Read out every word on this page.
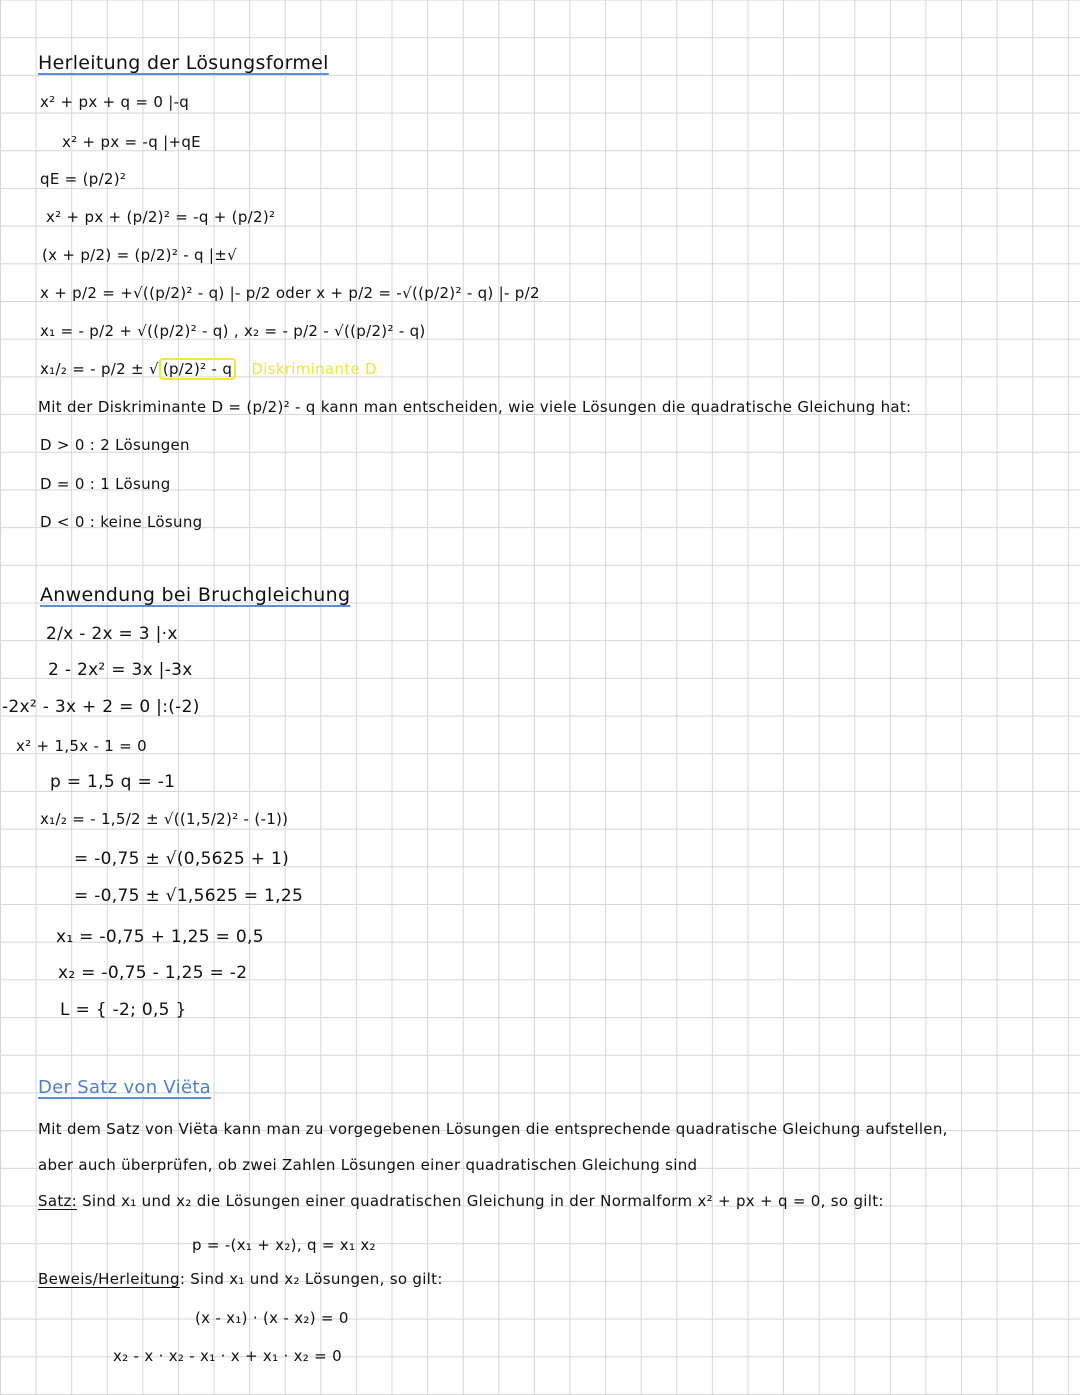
Herleitung der Lösungsformel
x² + px + q = 0 |-q
x² + px = -q |+qE
qE = (p/2)²
x² + px + (p/2)² = -q + (p/2)²
(x + p/2) = (p/2)² - q |±√
x + p/2 = +√((p/2)² - q) |- p/2 oder x + p/2 = -√((p/2)² - q) |- p/2
x₁ = - p/2 + √((p/2)² - q) , x₂ = - p/2 - √((p/2)² - q)
x₁/₂ = - p/2 ± √ (p/2)² - q Diskriminante D
Mit der Diskriminante D = (p/2)² - q kann man entscheiden, wie viele Lösungen die quadratische Gleichung hat:
D > 0 : 2 Lösungen
D = 0 : 1 Lösung
D < 0 : keine Lösung
Anwendung bei Bruchgleichung
2/x - 2x = 3 |·x
2 - 2x² = 3x |-3x
-2x² - 3x + 2 = 0 |:(-2)
x² + 1,5x - 1 = 0
p = 1,5 q = -1
x₁/₂ = - 1,5/2 ± √((1,5/2)² - (-1))
= -0,75 ± √(0,5625 + 1)
= -0,75 ± √1,5625 = 1,25
x₁ = -0,75 + 1,25 = 0,5
x₂ = -0,75 - 1,25 = -2
L = { -2; 0,5 }
Der Satz von Viëta
Mit dem Satz von Viëta kann man zu vorgegebenen Lösungen die entsprechende quadratische Gleichung aufstellen,
aber auch überprüfen, ob zwei Zahlen Lösungen einer quadratischen Gleichung sind
Satz: Sind x₁ und x₂ die Lösungen einer quadratischen Gleichung in der Normalform x² + px + q = 0, so gilt:
p = -(x₁ + x₂), q = x₁ x₂
Beweis/Herleitung: Sind x₁ und x₂ Lösungen, so gilt:
(x - x₁) · (x - x₂) = 0
x₂ - x · x₂ - x₁ · x + x₁ · x₂ = 0
